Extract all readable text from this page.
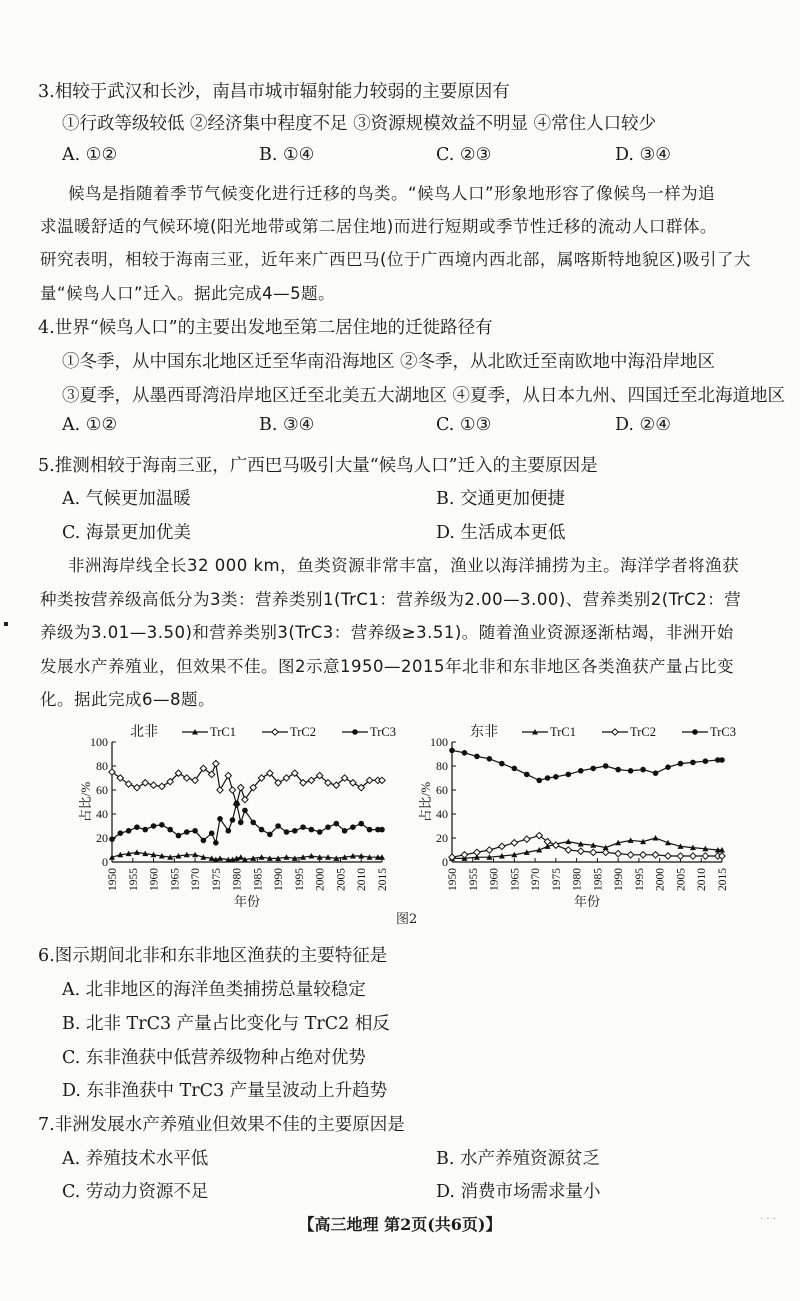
3.相较于武汉和长沙，南昌市城市辐射能力较弱的主要原因有
①行政等级较低 ②经济集中程度不足 ③资源规模效益不明显 ④常住人口较少
A. ①②	B. ①④	C. ②③	D. ③④
候鸟是指随着季节气候变化进行迁移的鸟类。“候鸟人口”形象地形容了像候鸟一样为追
求温暖舒适的气候环境(阳光地带或第二居住地)而进行短期或季节性迁移的流动人口群体。
研究表明，相较于海南三亚，近年来广西巴马(位于广西境内西北部，属喀斯特地貌区)吸引了大
量“候鸟人口”迁入。据此完成4—5题。
4.世界“候鸟人口”的主要出发地至第二居住地的迁徙路径有
①冬季，从中国东北地区迁至华南沿海地区 ②冬季，从北欧迁至南欧地中海沿岸地区
③夏季，从墨西哥湾沿岸地区迁至北美五大湖地区 ④夏季，从日本九州、四国迁至北海道地区
A. ①②	B. ③④	C. ①③	D. ②④
5.推测相较于海南三亚，广西巴马吸引大量“候鸟人口”迁入的主要原因是
A. 气候更加温暖	B. 交通更加便捷
C. 海景更加优美	D. 生活成本更低
非洲海岸线全长32 000 km，鱼类资源非常丰富，渔业以海洋捕捞为主。海洋学者将渔获
种类按营养级高低分为3类：营养类别1(TrC1：营养级为2.00—3.00)、营养类别2(TrC2：营
养级为3.01—3.50)和营养类别3(TrC3：营养级≥3.51)。随着渔业资源逐渐枯竭，非洲开始
发展水产养殖业，但效果不佳。图2示意1950—2015年北非和东非地区各类渔获产量占比变
化。据此完成6—8题。
0
20
40
60
80
100
1950 1955 1960 1965 1970 1975 1980 1985 1990 1995 2000 2005 2010 2015
占比/%
年份
北非	TrC1	TrC2	TrC3
0
20
40
60
80
100
1950 1955 1960 1965 1970 1975 1980 1985 1990 1995 2000 2005 2010 2015
占比/%
年份
东非	TrC1	TrC2	TrC3
图2
6.图示期间北非和东非地区渔获的主要特征是
A. 北非地区的海洋鱼类捕捞总量较稳定
B. 北非 TrC3 产量占比变化与 TrC2 相反
C. 东非渔获中低营养级物种占绝对优势
D. 东非渔获中 TrC3 产量呈波动上升趋势
7.非洲发展水产养殖业但效果不佳的主要原因是
A. 养殖技术水平低	B. 水产养殖资源贫乏
C. 劳动力资源不足	D. 消费市场需求量小
【高三地理 第2页(共6页)】	· · ·
